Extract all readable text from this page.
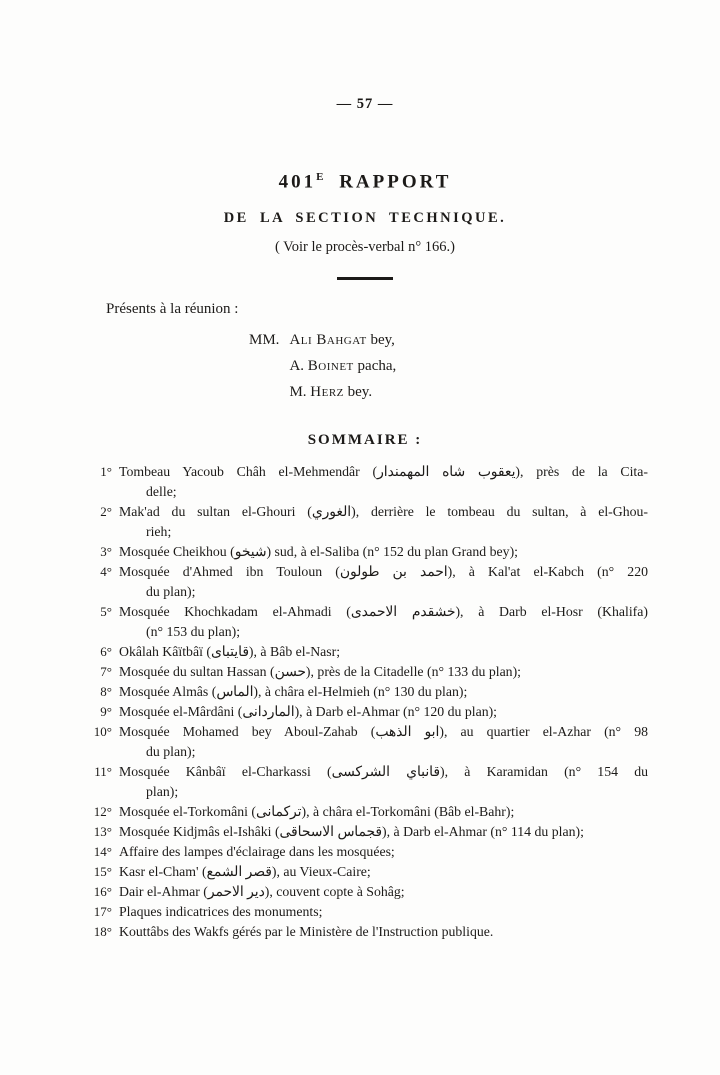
— 57 —
$401^E$ RAPPORT
DE LA SECTION TECHNIQUE.
( Voir le procès-verbal n° 166.)
Présents à la réunion :
MM. Ali Bahgat bey,
A. Boinet pacha,
M. Herz bey.
SOMMAIRE :
1° Tombeau Yacoub Châh el-Mehmendâr (يعقوب شاه المهمندار), près de la Cita-
delle;
2° Mak'ad du sultan el-Ghouri (الغوري), derrière le tombeau du sultan, à el-Ghou-
rieh;
3° Mosquée Cheikhou (شيخو) sud, à el-Saliba (n° 152 du plan Grand bey);
4° Mosquée d'Ahmed ibn Touloun (احمد بن طولون), à Kal'at el-Kabch (n° 220
du plan);
5° Mosquée Khochkadam el-Ahmadi (خشقدم الاحمدى), à Darb el-Hosr (Khalifa)
(n° 153 du plan);
6° Okâlah Kâïtbâï (قايتباى), à Bâb el-Nasr;
7° Mosquée du sultan Hassan (حسن), près de la Citadelle (n° 133 du plan);
8° Mosquée Almâs (الماس), à châra el-Helmieh (n° 130 du plan);
9° Mosquée el-Mârdâni (الماردانى), à Darb el-Ahmar (n° 120 du plan);
10° Mosquée Mohamed bey Aboul-Zahab (ابو الذهب), au quartier el-Azhar (n° 98
du plan);
11° Mosquée Kânbâï el-Charkassi (قانباي الشركسى), à Karamidan (n° 154 du
plan);
12° Mosquée el-Torkomâni (تركمانى), à châra el-Torkomâni (Bâb el-Bahr);
13° Mosquée Kidjmâs el-Ishâki (قجماس الاسحاقى), à Darb el-Ahmar (n° 114 du plan);
14° Affaire des lampes d'éclairage dans les mosquées;
15° Kasr el-Cham' (قصر الشمع), au Vieux-Caire;
16° Dair el-Ahmar (دير الاحمر), couvent copte à Sohâg;
17° Plaques indicatrices des monuments;
18° Kouttâbs des Wakfs gérés par le Ministère de l'Instruction publique.
